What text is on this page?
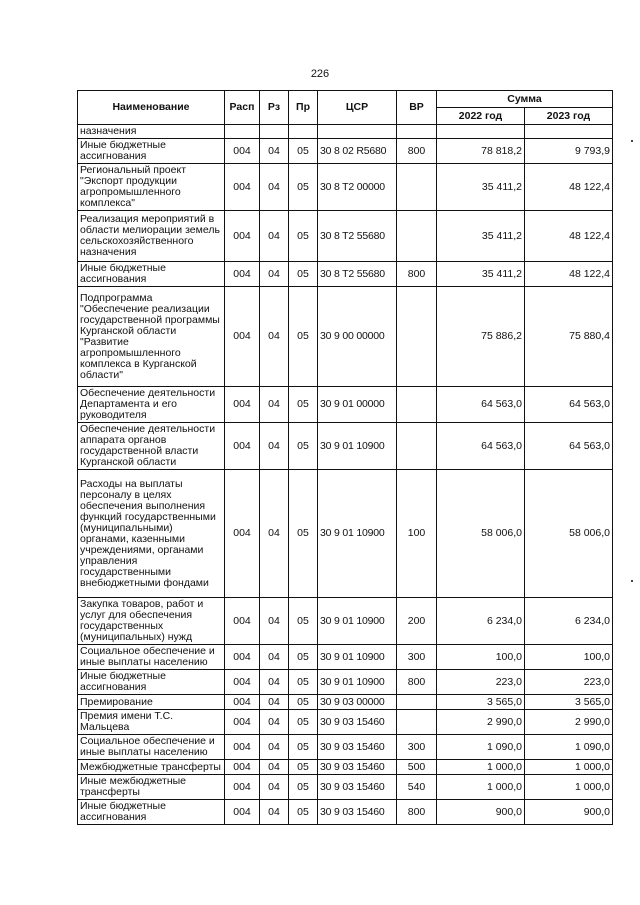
226
Наименование	Расп	Рз	Пр	ЦСР	ВР	Сумма	
						2022 год	2023 год
назначения							
Иные бюджетные ассигнования	004	04	05	30 8 02 R5680	800	78 818,2	9 793,9
Региональный проект "Экспорт продукции агропромышленного комплекса"	004	04	05	30 8 T2 00000		35 411,2	48 122,4
Реализация мероприятий в области мелиорации земель сельскохозяйственного назначения	004	04	05	30 8 T2 55680		35 411,2	48 122,4
Иные бюджетные ассигнования	004	04	05	30 8 T2 55680	800	35 411,2	48 122,4
Подпрограмма "Обеспечение реализации государственной программы Курганской области "Развитие агропромышленного комплекса в Курганской области"	004	04	05	30 9 00 00000		75 886,2	75 880,4
Обеспечение деятельности Департамента и его руководителя	004	04	05	30 9 01 00000		64 563,0	64 563,0
Обеспечение деятельности аппарата органов государственной власти Курганской области	004	04	05	30 9 01 10900		64 563,0	64 563,0
Расходы на выплаты персоналу в целях обеспечения выполнения функций государственными (муниципальными) органами, казенными учреждениями, органами управления государственными внебюджетными фондами	004	04	05	30 9 01 10900	100	58 006,0	58 006,0
Закупка товаров, работ и услуг для обеспечения государственных (муниципальных) нужд	004	04	05	30 9 01 10900	200	6 234,0	6 234,0
Социальное обеспечение и иные выплаты населению	004	04	05	30 9 01 10900	300	100,0	100,0
Иные бюджетные ассигнования	004	04	05	30 9 01 10900	800	223,0	223,0
Премирование	004	04	05	30 9 03 00000		3 565,0	3 565,0
Премия имени Т.С. Мальцева	004	04	05	30 9 03 15460		2 990,0	2 990,0
Социальное обеспечение и иные выплаты населению	004	04	05	30 9 03 15460	300	1 090,0	1 090,0
Межбюджетные трансферты	004	04	05	30 9 03 15460	500	1 000,0	1 000,0
Иные межбюджетные трансферты	004	04	05	30 9 03 15460	540	1 000,0	1 000,0
Иные бюджетные ассигнования	004	04	05	30 9 03 15460	800	900,0	900,0
